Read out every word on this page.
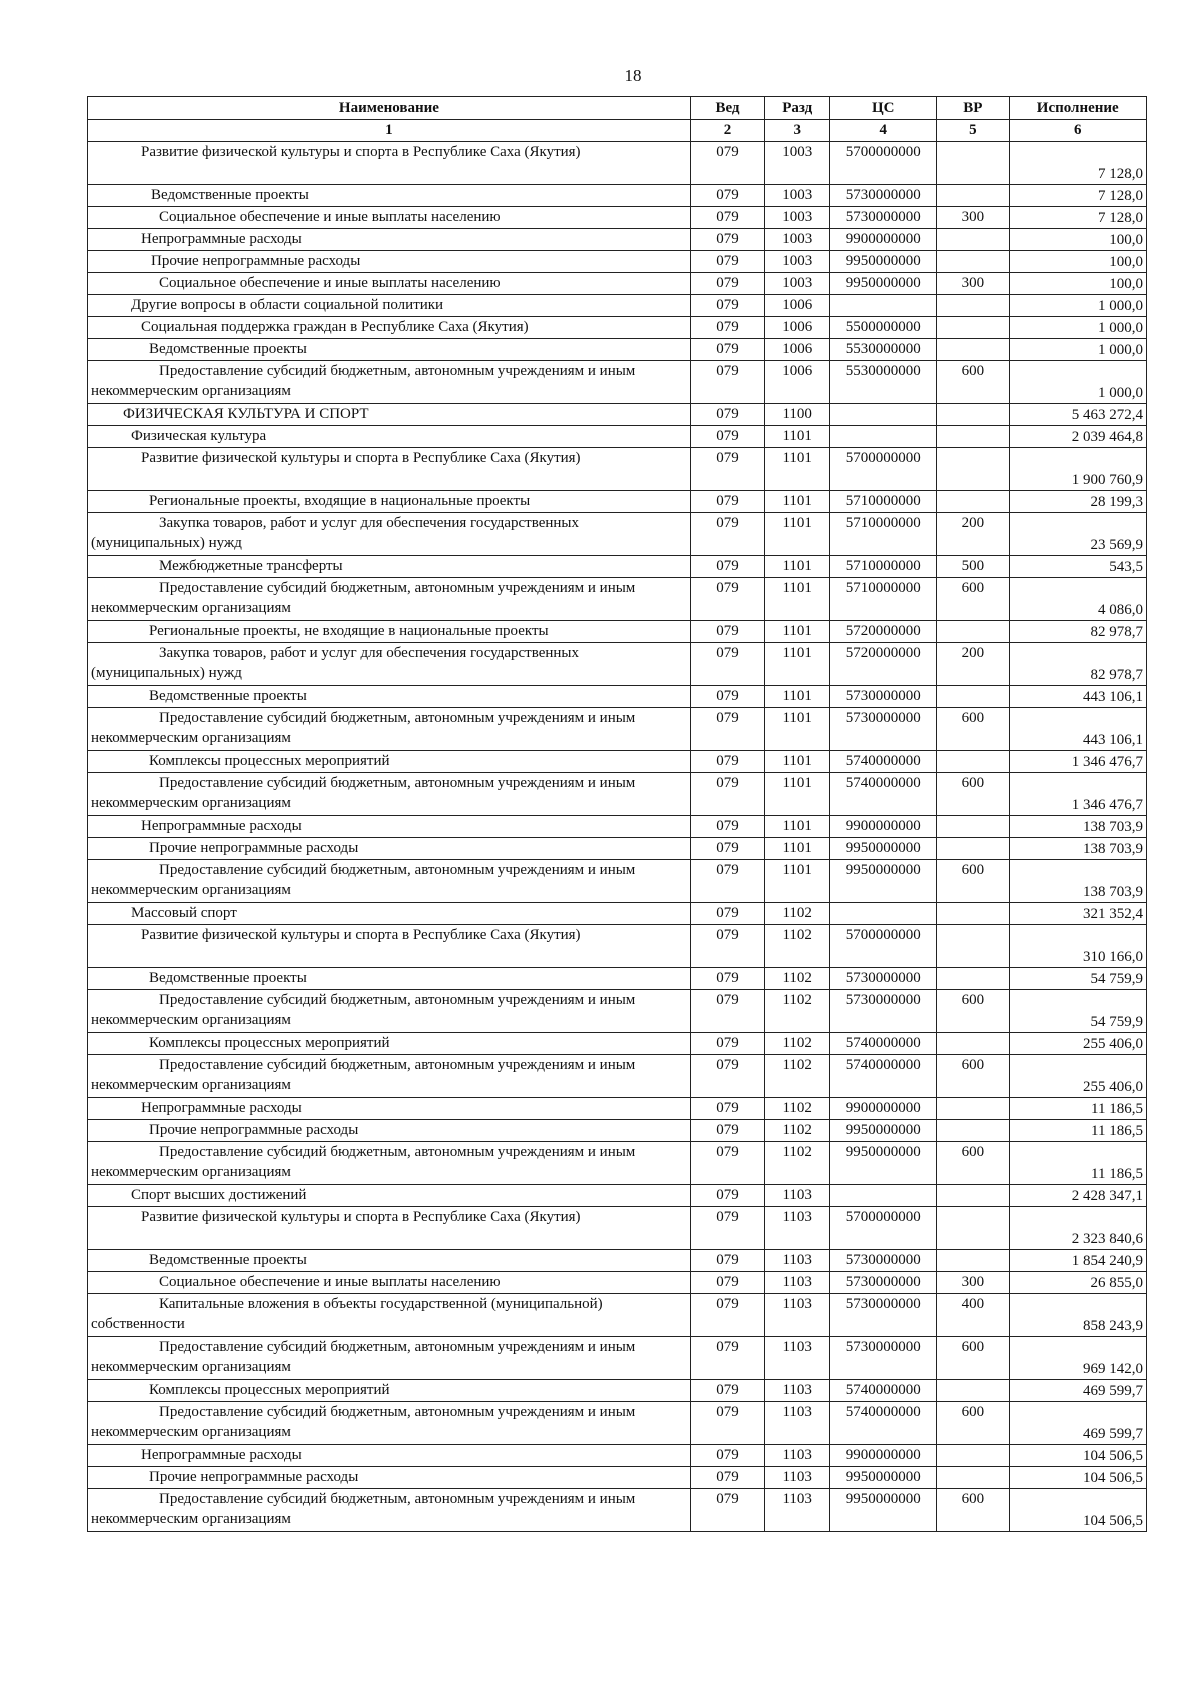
18
Наименование	Вед	Разд	ЦС	ВР	Исполнение
1	2	3	4	5	6

Развитие физической культуры и спорта в Республике Саха (Якутия)	079	1003	5700000000		7 128,0

Ведомственные проекты	079	1003	5730000000		7 128,0

Социальное обеспечение и иные выплаты населению	079	1003	5730000000	300	7 128,0

Непрограммные расходы	079	1003	9900000000		100,0

Прочие непрограммные расходы	079	1003	9950000000		100,0

Социальное обеспечение и иные выплаты населению	079	1003	9950000000	300	100,0

Другие вопросы в области социальной политики	079	1006			1 000,0

Социальная поддержка граждан в Республике Саха (Якутия)	079	1006	5500000000		1 000,0

Ведомственные проекты	079	1006	5530000000		1 000,0

Предоставление субсидий бюджетным, автономным учреждениям и иным некоммерческим организациям	079	1006	5530000000	600	1 000,0

ФИЗИЧЕСКАЯ КУЛЬТУРА И СПОРТ	079	1100			5 463 272,4

Физическая культура	079	1101			2 039 464,8

Развитие физической культуры и спорта в Республике Саха (Якутия)	079	1101	5700000000		1 900 760,9

Региональные проекты, входящие в национальные проекты	079	1101	5710000000		28 199,3

Закупка товаров, работ и услуг для обеспечения государственных (муниципальных) нужд	079	1101	5710000000	200	23 569,9

Межбюджетные трансферты	079	1101	5710000000	500	543,5

Предоставление субсидий бюджетным, автономным учреждениям и иным некоммерческим организациям	079	1101	5710000000	600	4 086,0

Региональные проекты, не входящие в национальные проекты	079	1101	5720000000		82 978,7

Закупка товаров, работ и услуг для обеспечения государственных (муниципальных) нужд	079	1101	5720000000	200	82 978,7

Ведомственные проекты	079	1101	5730000000		443 106,1

Предоставление субсидий бюджетным, автономным учреждениям и иным некоммерческим организациям	079	1101	5730000000	600	443 106,1

Комплексы процессных мероприятий	079	1101	5740000000		1 346 476,7

Предоставление субсидий бюджетным, автономным учреждениям и иным некоммерческим организациям	079	1101	5740000000	600	1 346 476,7

Непрограммные расходы	079	1101	9900000000		138 703,9

Прочие непрограммные расходы	079	1101	9950000000		138 703,9

Предоставление субсидий бюджетным, автономным учреждениям и иным некоммерческим организациям	079	1101	9950000000	600	138 703,9

Массовый спорт	079	1102			321 352,4

Развитие физической культуры и спорта в Республике Саха (Якутия)	079	1102	5700000000		310 166,0

Ведомственные проекты	079	1102	5730000000		54 759,9

Предоставление субсидий бюджетным, автономным учреждениям и иным некоммерческим организациям	079	1102	5730000000	600	54 759,9

Комплексы процессных мероприятий	079	1102	5740000000		255 406,0

Предоставление субсидий бюджетным, автономным учреждениям и иным некоммерческим организациям	079	1102	5740000000	600	255 406,0

Непрограммные расходы	079	1102	9900000000		11 186,5

Прочие непрограммные расходы	079	1102	9950000000		11 186,5

Предоставление субсидий бюджетным, автономным учреждениям и иным некоммерческим организациям	079	1102	9950000000	600	11 186,5

Спорт высших достижений	079	1103			2 428 347,1

Развитие физической культуры и спорта в Республике Саха (Якутия)	079	1103	5700000000		2 323 840,6

Ведомственные проекты	079	1103	5730000000		1 854 240,9

Социальное обеспечение и иные выплаты населению	079	1103	5730000000	300	26 855,0

Капитальные вложения в объекты государственной (муниципальной) собственности	079	1103	5730000000	400	858 243,9

Предоставление субсидий бюджетным, автономным учреждениям и иным некоммерческим организациям	079	1103	5730000000	600	969 142,0

Комплексы процессных мероприятий	079	1103	5740000000		469 599,7

Предоставление субсидий бюджетным, автономным учреждениям и иным некоммерческим организациям	079	1103	5740000000	600	469 599,7

Непрограммные расходы	079	1103	9900000000		104 506,5

Прочие непрограммные расходы	079	1103	9950000000		104 506,5

Предоставление субсидий бюджетным, автономным учреждениям и иным некоммерческим организациям	079	1103	9950000000	600	104 506,5
